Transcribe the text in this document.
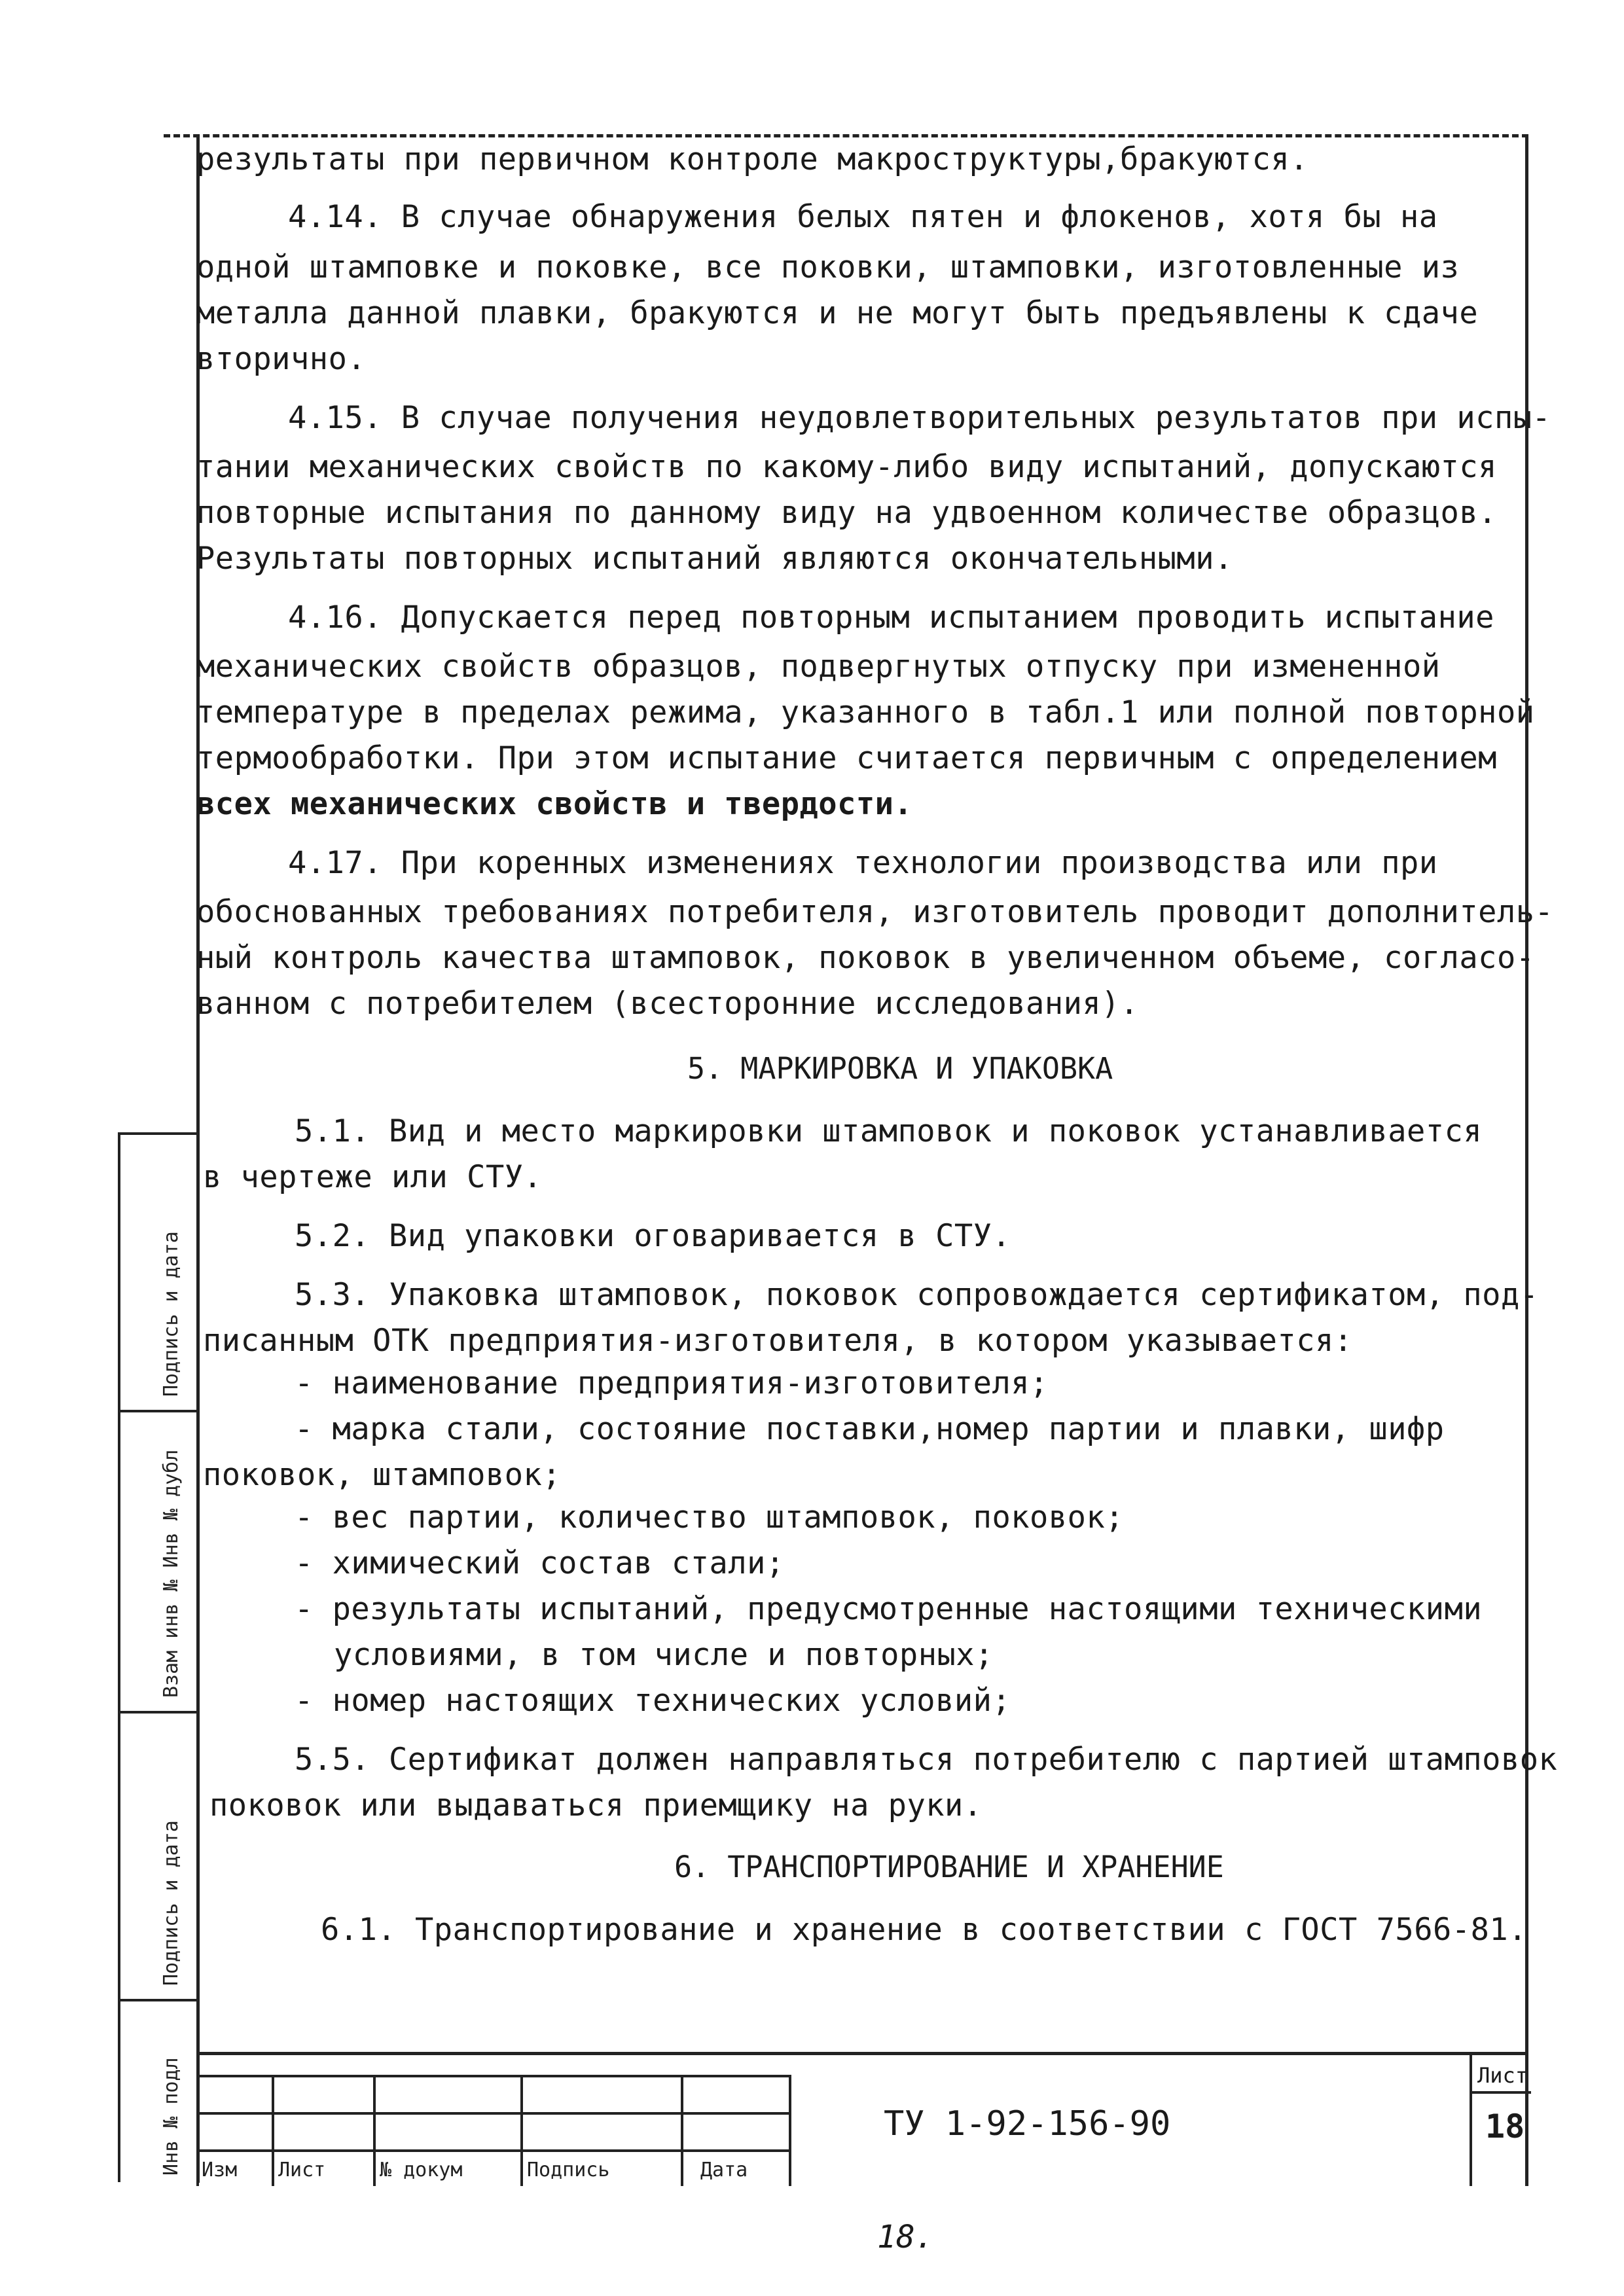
Подпись и дата
Взам инв № Инв № дубл
Подпись и дата
Инв № подл
результаты при первичном контроле макроструктуры,бракуются.
4.14. В случае обнаружения белых пятен и флокенов, хотя бы на
одной штамповке и поковке, все поковки, штамповки, изготовленные из
металла данной плавки, бракуются и не могут быть предъявлены к сдаче
вторично.
4.15. В случае получения неудовлетворительных результатов при испы-
тании механических свойств по какому-либо виду испытаний, допускаются
повторные испытания по данному виду на удвоенном количестве образцов.
Результаты повторных испытаний являются окончательными.
4.16. Допускается перед повторным испытанием проводить испытание
механических свойств образцов, подвергнутых отпуску при измененной
температуре в пределах режима, указанного в табл.1 или полной повторной
термообработки. При этом испытание считается первичным с определением
всех механических свойств и твердости.
4.17. При коренных изменениях технологии производства или при
обоснованных требованиях потребителя, изготовитель проводит дополнитель-
ный контроль качества штамповок, поковок в увеличенном объеме, согласо-
ванном с потребителем (всесторонние исследования).
5. МАРКИРОВКА И УПАКОВКА
5.1. Вид и место маркировки штамповок и поковок устанавливается
в чертеже или СТУ.
5.2. Вид упаковки оговаривается в СТУ.
5.3. Упаковка штамповок, поковок сопровождается сертификатом, под-
писанным ОТК предприятия-изготовителя, в котором указывается:
- наименование предприятия-изготовителя;
- марка стали, состояние поставки,номер партии и плавки, шифр
поковок, штамповок;
- вес партии, количество штамповок, поковок;
- химический состав стали;
- результаты испытаний, предусмотренные настоящими техническими
условиями, в том числе и повторных;
- номер настоящих технических условий;
5.5. Сертификат должен направляться потребителю с партией штамповок
поковок или выдаваться приемщику на руки.
6. ТРАНСПОРТИРОВАНИЕ И ХРАНЕНИЕ
6.1. Транспортирование и хранение в соответствии с ГОСТ 7566-81.
Изм Лист	№ докум	Подпись	Дата
ТУ 1-92-156-90
Лист
18
18.
